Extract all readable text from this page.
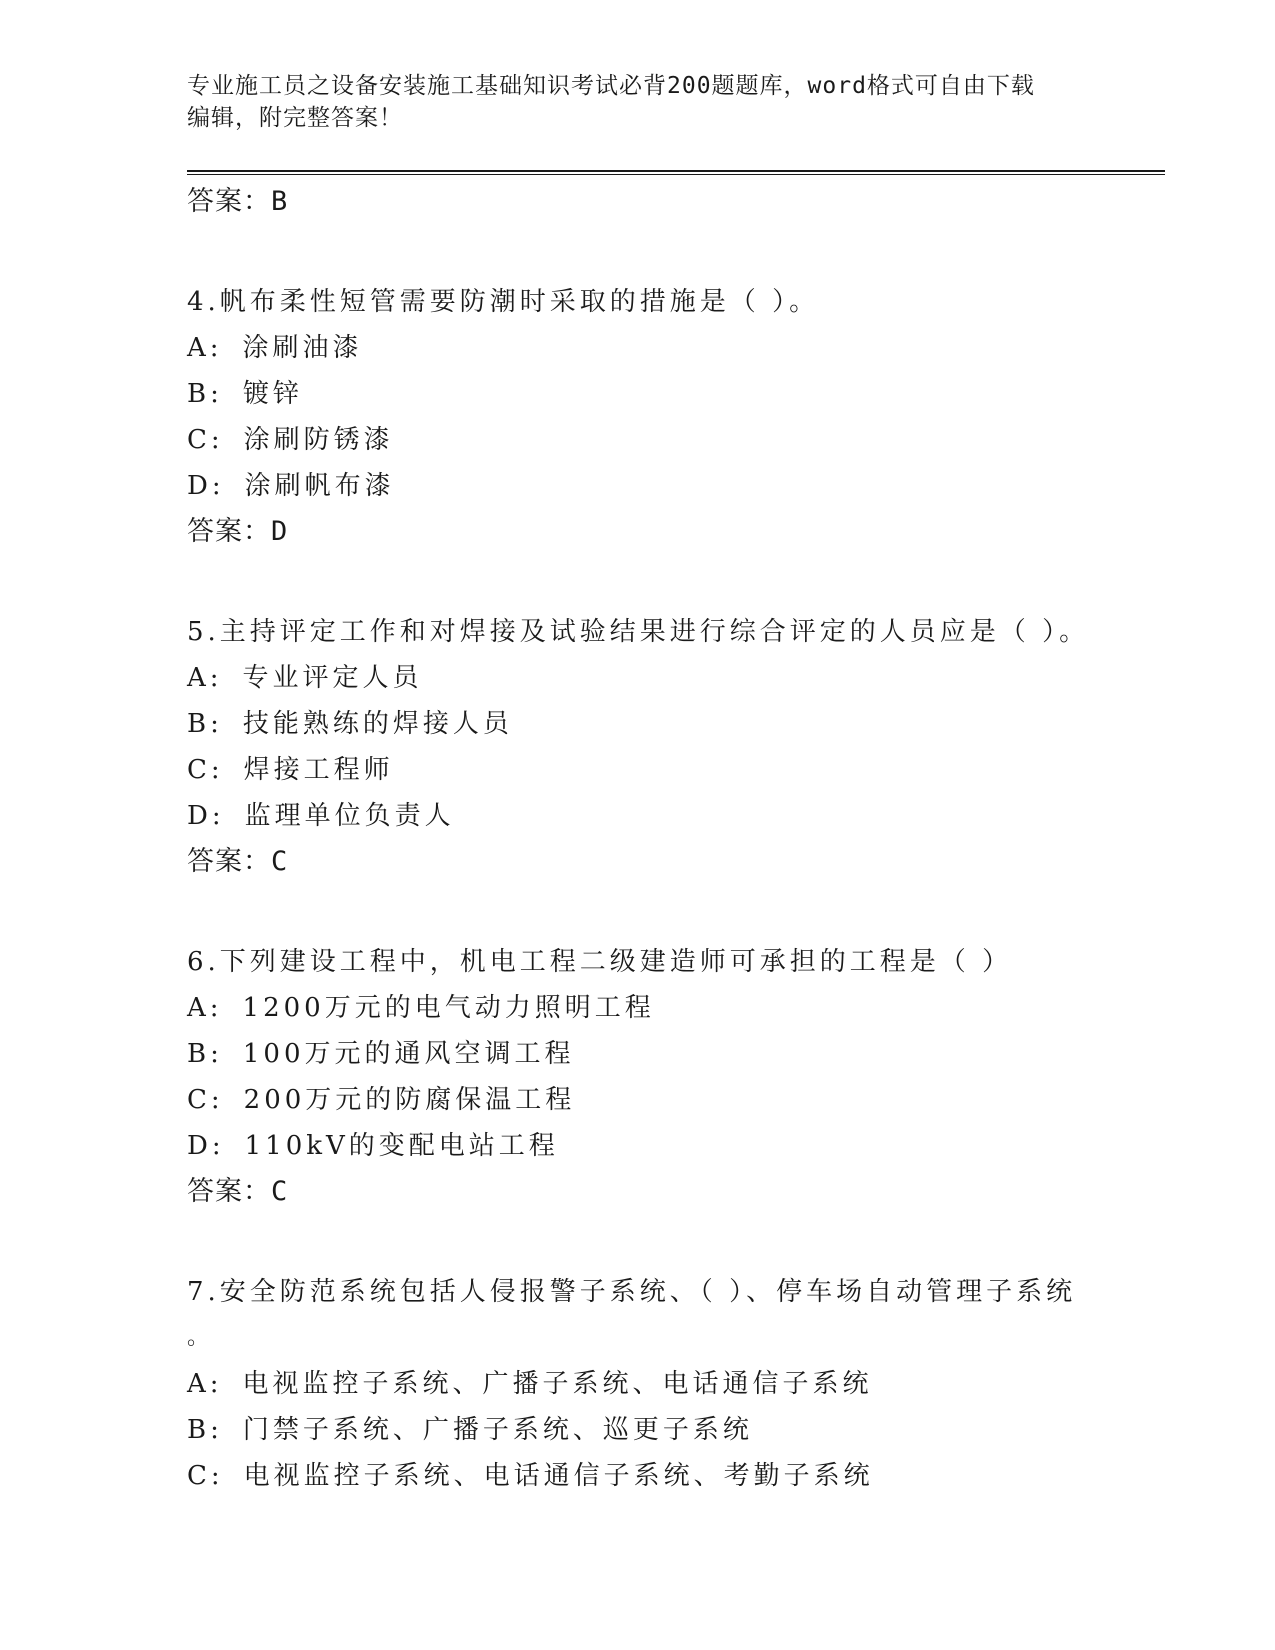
专业施工员之设备安装施工基础知识考试必背200题题库，word格式可自由下载

编辑，附完整答案！

答案：B

4.帆布柔性短管需要防潮时采取的措施是（ ）。

A: 涂刷油漆

B: 镀锌

C: 涂刷防锈漆

D: 涂刷帆布漆

答案：D

5.主持评定工作和对焊接及试验结果进行综合评定的人员应是（ ）。

A: 专业评定人员

B: 技能熟练的焊接人员

C: 焊接工程师

D: 监理单位负责人

答案：C

6.下列建设工程中，机电工程二级建造师可承担的工程是（ ）

A: 1200万元的电气动力照明工程

B: 100万元的通风空调工程

C: 200万元的防腐保温工程

D: 110kV的变配电站工程

答案：C

7.安全防范系统包括人侵报警子系统、（ ）、停车场自动管理子系统

。

A: 电视监控子系统、广播子系统、电话通信子系统

B: 门禁子系统、广播子系统、巡更子系统

C: 电视监控子系统、电话通信子系统、考勤子系统
